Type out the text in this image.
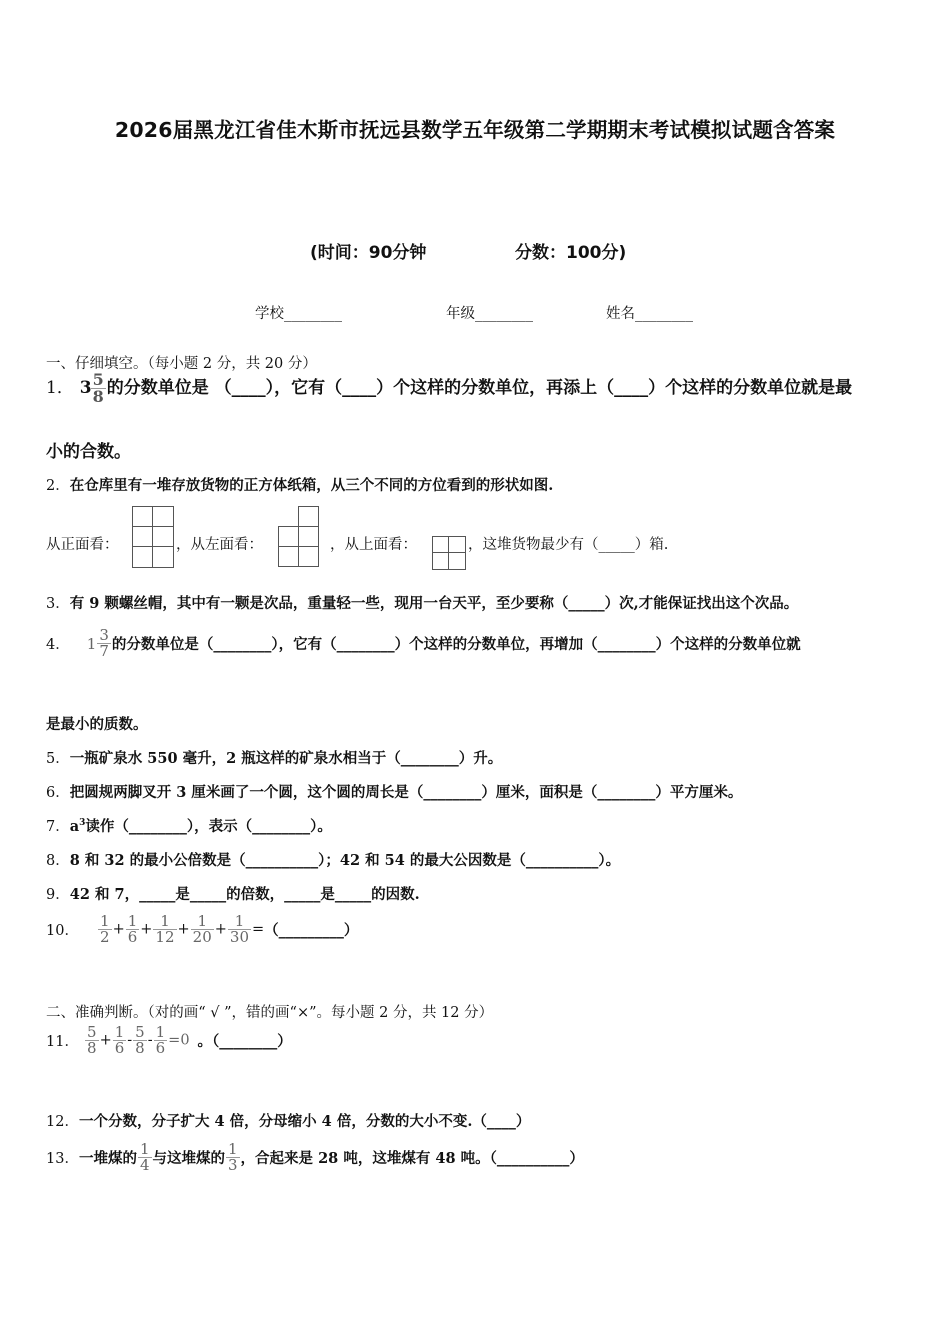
2026届黑龙江省佳木斯市抚远县数学五年级第二学期期末考试模拟试题含答案
(时间：90分钟	分数：100分)
学校________	年级________	姓名________
一、仔细填空。（每小题 2 分，共 20 分）
1． $3 \frac{5}{8}$ 的分数单位是 （____），它有（____）个这样的分数单位，再添上（____）个这样的分数单位就是最
小的合数。
2．在仓库里有一堆存放货物的正方体纸箱，从三个不同的方位看到的形状如图.
从正面看：	，从左面看：	，从上面看：	，这堆货物最少有（_____）箱.
3．有 9 颗螺丝帽，其中有一颗是次品，重量轻一些，现用一台天平，至少要称（_____）次,才能保证找出这个次品。
4． $1 \frac{3}{7}$ 的分数单位是（________），它有（________）个这样的分数单位，再增加（________）个这样的分数单位就
是最小的质数。
5．一瓶矿泉水 550 毫升，2 瓶这样的矿泉水相当于（________）升。
6．把圆规两脚叉开 3 厘米画了一个圆，这个圆的周长是（________）厘米，面积是（________）平方厘米。
7．$a^3$读作（________），表示（________）。
8．8 和 32 的最小公倍数是（__________）；42 和 54 的最大公因数是（__________）。
9．42 和 7，_____是_____的倍数，_____是_____的因数.
10． $\frac{1}{2} + \frac{1}{6} + \frac{1}{12} + \frac{1}{20} + \frac{1}{30}$ =（_________）
二、准确判断。（对的画“ √ ”，错的画“×”。每小题 2 分，共 12 分）
11． $\frac{5}{8} + \frac{1}{6} - \frac{5}{8} - \frac{1}{6} =0$ 。（________）
12．一个分数，分子扩大 4 倍，分母缩小 4 倍，分数的大小不变.（____）
13．一堆煤的 $\frac{1}{4}$ 与这堆煤的 $\frac{1}{3}$ ，合起来是 28 吨，这堆煤有 48 吨。（__________）
